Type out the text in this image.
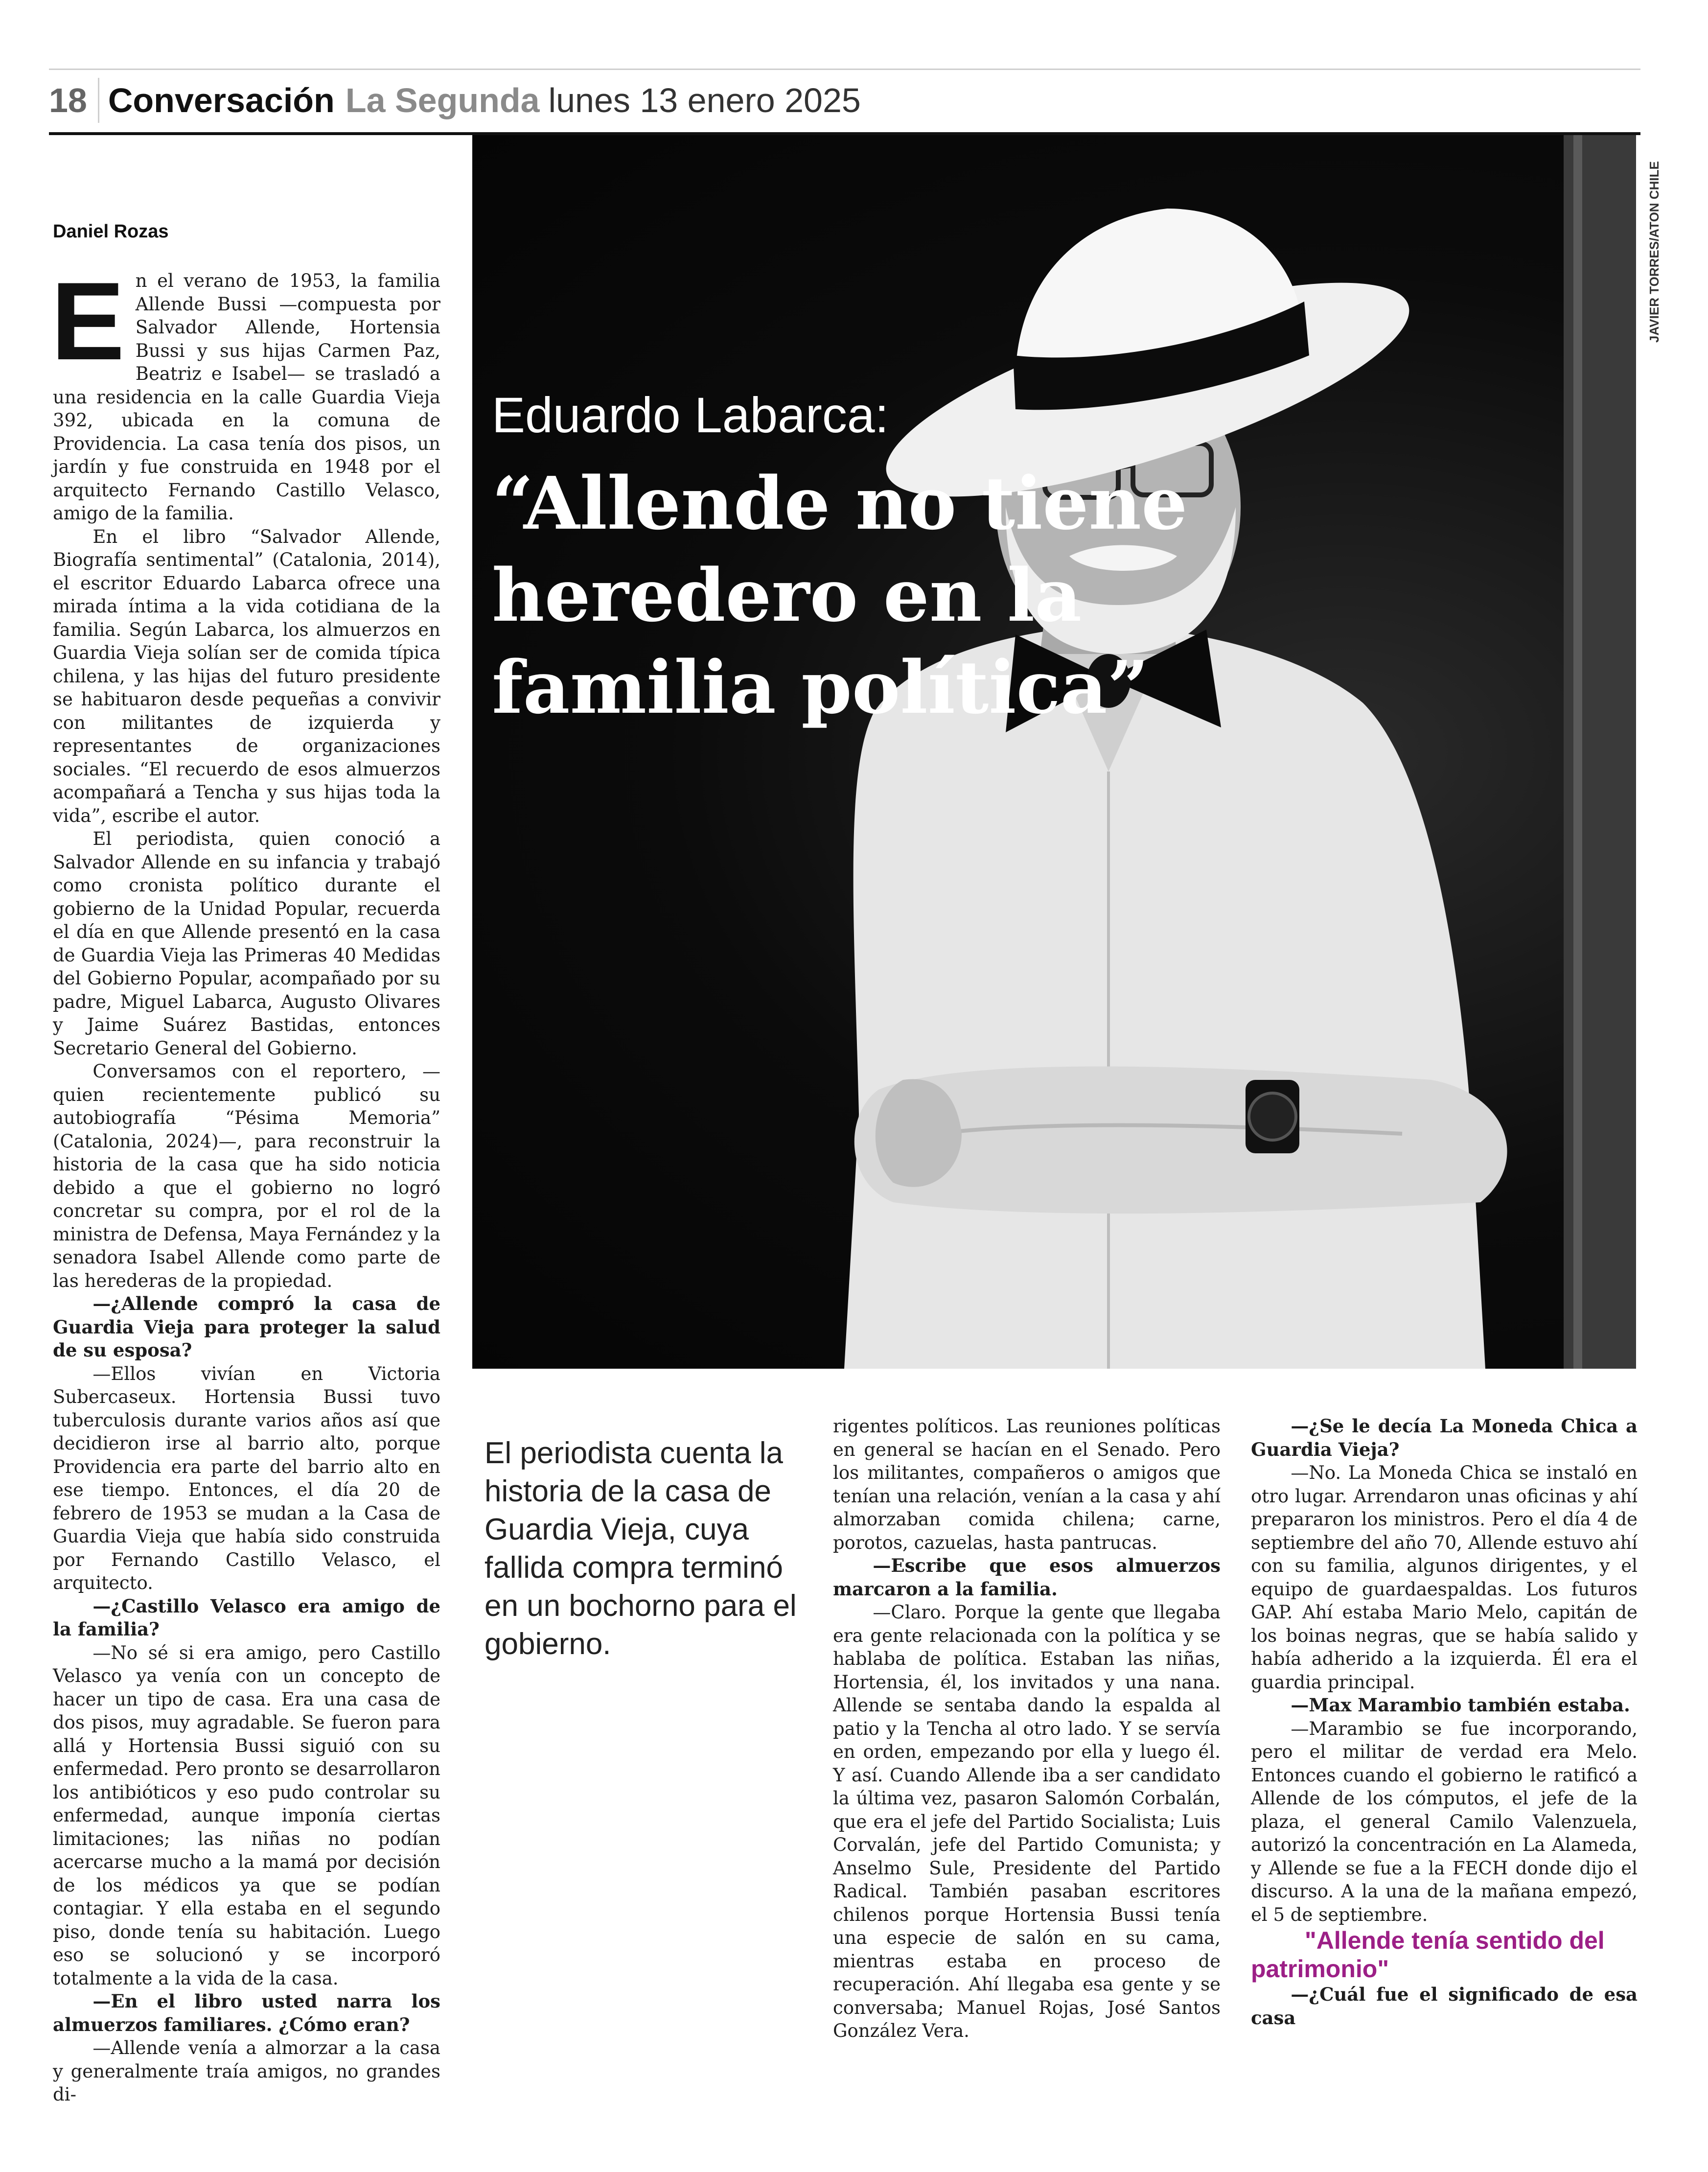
18 Conversación La Segunda lunes 13 enero 2025
JAVIER TORRES/ATON CHILE
Eduardo Labarca:
“Allende no tiene heredero en la familia política”
Daniel Rozas

En el verano de 1953, la familia Allende Bussi —compuesta por Salvador Allende, Hortensia Bussi y sus hijas Carmen Paz, Beatriz e Isabel— se trasladó a una residencia en la calle Guardia Vieja 392, ubicada en la comuna de Providencia. La casa tenía dos pisos, un jardín y fue construida en 1948 por el arquitecto Fernando Castillo Velasco, amigo de la familia.

En el libro “Salvador Allende, Biografía sentimental” (Catalonia, 2014), el escritor Eduardo Labarca ofrece una mirada íntima a la vida cotidiana de la familia. Según Labarca, los almuerzos en Guardia Vieja solían ser de comida típica chilena, y las hijas del futuro presidente se habituaron desde pequeñas a convivir con militantes de izquierda y representantes de organizaciones sociales. “El recuerdo de esos almuerzos acompañará a Tencha y sus hijas toda la vida”, escribe el autor.

El periodista, quien conoció a Salvador Allende en su infancia y trabajó como cronista político durante el gobierno de la Unidad Popular, recuerda el día en que Allende presentó en la casa de Guardia Vieja las Primeras 40 Medidas del Gobierno Popular, acompañado por su padre, Miguel Labarca, Augusto Olivares y Jaime Suárez Bastidas, entonces Secretario General del Gobierno.

Conversamos con el reportero, —quien recientemente publicó su autobiografía “Pésima Memoria” (Catalonia, 2024)—, para reconstruir la historia de la casa que ha sido noticia debido a que el gobierno no logró concretar su compra, por el rol de la ministra de Defensa, Maya Fernández y la senadora Isabel Allende como parte de las herederas de la propiedad.

—¿Allende compró la casa de Guardia Vieja para proteger la salud de su esposa?

—Ellos vivían en Victoria Subercaseux. Hortensia Bussi tuvo tuberculosis durante varios años así que decidieron irse al barrio alto, porque Providencia era parte del barrio alto en ese tiempo. Entonces, el día 20 de febrero de 1953 se mudan a la Casa de Guardia Vieja que había sido construida por Fernando Castillo Velasco, el arquitecto.

—¿Castillo Velasco era amigo de la familia?

—No sé si era amigo, pero Castillo Velasco ya venía con un concepto de hacer un tipo de casa. Era una casa de dos pisos, muy agradable. Se fueron para allá y Hortensia Bussi siguió con su enfermedad. Pero pronto se desarrollaron los antibióticos y eso pudo controlar su enfermedad, aunque imponía ciertas limitaciones; las niñas no podían acercarse mucho a la mamá por decisión de los médicos ya que se podían contagiar. Y ella estaba en el segundo piso, donde tenía su habitación. Luego eso se solucionó y se incorporó totalmente a la vida de la casa.

—En el libro usted narra los almuerzos familiares. ¿Cómo eran?

—Allende venía a almorzar a la casa y generalmente traía amigos, no grandes di-

El periodista cuenta la historia de la casa de Guardia Vieja, cuya fallida compra terminó en un bochorno para el gobierno.

rigentes políticos. Las reuniones políticas en general se hacían en el Senado. Pero los militantes, compañeros o amigos que tenían una relación, venían a la casa y ahí almorzaban comida chilena; carne, porotos, cazuelas, hasta pantrucas.

—Escribe que esos almuerzos marcaron a la familia.

—Claro. Porque la gente que llegaba era gente relacionada con la política y se hablaba de política. Estaban las niñas, Hortensia, él, los invitados y una nana. Allende se sentaba dando la espalda al patio y la Tencha al otro lado. Y se servía en orden, empezando por ella y luego él. Y así. Cuando Allende iba a ser candidato la última vez, pasaron Salomón Corbalán, que era el jefe del Partido Socialista; Luis Corvalán, jefe del Partido Comunista; y Anselmo Sule, Presidente del Partido Radical. También pasaban escritores chilenos porque Hortensia Bussi tenía una especie de salón en su cama, mientras estaba en proceso de recuperación. Ahí llegaba esa gente y se conversaba; Manuel Rojas, José Santos González Vera.

—¿Se le decía La Moneda Chica a Guardia Vieja?

—No. La Moneda Chica se instaló en otro lugar. Arrendaron unas oficinas y ahí prepararon los ministros. Pero el día 4 de septiembre del año 70, Allende estuvo ahí con su familia, algunos dirigentes, y el equipo de guardaespaldas. Los futuros GAP. Ahí estaba Mario Melo, capitán de los boinas negras, que se había salido y había adherido a la izquierda. Él era el guardia principal.

—Max Marambio también estaba.

—Marambio se fue incorporando, pero el militar de verdad era Melo. Entonces cuando el gobierno le ratificó a Allende de los cómputos, el jefe de la plaza, el general Camilo Valenzuela, autorizó la concentración en La Alameda, y Allende se fue a la FECH donde dijo el discurso. A la una de la mañana empezó, el 5 de septiembre.

"Allende tenía sentido del patrimonio"

—¿Cuál fue el significado de esa casa
